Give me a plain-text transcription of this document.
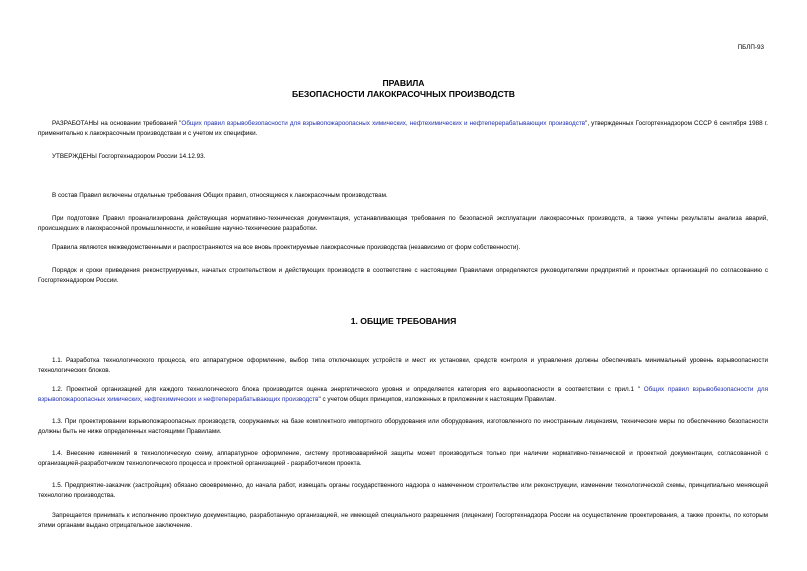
ПБЛП-93
ПРАВИЛА
БЕЗОПАСНОСТИ ЛАКОКРАСОЧНЫХ ПРОИЗВОДСТВ
РАЗРАБОТАНЫ на основании требований "Общих правил взрывобезопасности для взрывопожароопасных химических, нефтехимических и нефтеперерабатывающих производств", утвержденных Госгортехнадзором СССР 6 сентября 1988 г. применительно к лакокрасочным производствам и с учетом их специфики.
УТВЕРЖДЕНЫ Госгортехнадзором России 14.12.93.
В состав Правил включены отдельные требования Общих правил, относящиеся к лакокрасочным производствам.
При подготовке Правил проанализирована действующая нормативно-техническая документация, устанавливающая требования по безопасной эксплуатации лакокрасочных производств, а также учтены результаты анализа аварий, происшедших в лакокрасочной промышленности, и новейшие научно-технические разработки.
Правила являются межведомственными и распространяются на все вновь проектируемые лакокрасочные производства (независимо от форм собственности).
Порядок и сроки приведения реконструируемых, начатых строительством и действующих производств в соответствие с настоящими Правилами определяются руководителями предприятий и проектных организаций по согласованию с Госгортехнадзором России.
1. ОБЩИЕ ТРЕБОВАНИЯ
1.1. Разработка технологического процесса, его аппаратурное оформление, выбор типа отключающих устройств и мест их установки, средств контроля и управления должны обеспечивать минимальный уровень взрывоопасности технологических блоков.
1.2. Проектной организацией для каждого технологического блока производится оценка энергетического уровня и определяется категория его взрывоопасности в соответствии с прил.1 " Общих правил взрывобезопасности для взрывопожароопасных химических, нефтехимических и нефтеперерабатывающих производств" с учетом общих принципов, изложенных в приложении к настоящим Правилам.
1.3. При проектировании взрывопожароопасных производств, сооружаемых на базе комплектного импортного оборудования или оборудования, изготовленного по иностранным лицензиям, технические меры по обеспечению безопасности должны быть не ниже определенных настоящими Правилами.
1.4. Внесение изменений в технологическую схему, аппаратурное оформление, систему противоаварийной защиты может производиться только при наличии нормативно-технической и проектной документации, согласованной с организацией-разработчиком технологического процесса и проектной организацией - разработчиком проекта.
1.5. Предприятие-заказчик (застройщик) обязано своевременно, до начала работ, извещать органы государственного надзора о намеченном строительстве или реконструкции, изменении технологической схемы, принципиально меняющей технологию производства.
Запрещается принимать к исполнению проектную документацию, разработанную организацией, не имеющей специального разрешения (лицензии) Госгортехнадзора России на осуществление проектирования, а также проекты, по которым этими органами выдано отрицательное заключение.
